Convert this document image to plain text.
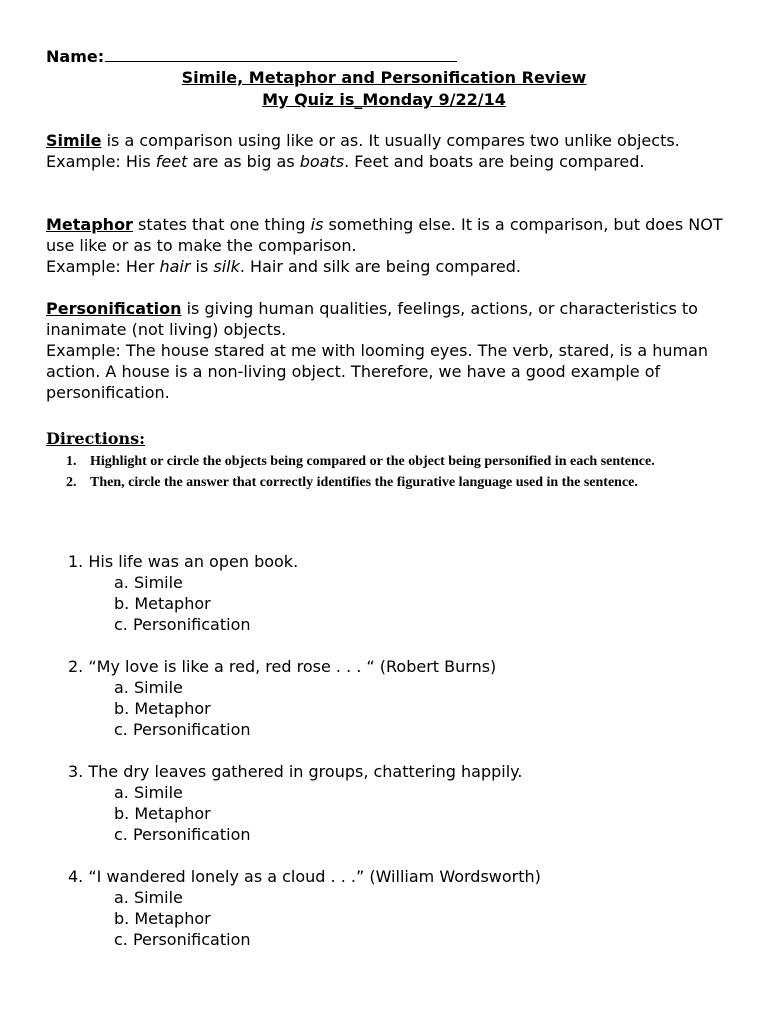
Name:
Simile, Metaphor and Personification Review
My Quiz is_Monday 9/22/14
Simile is a comparison using like or as. It usually compares two unlike objects.
Example: His feet are as big as boats. Feet and boats are being compared.
Metaphor states that one thing is something else. It is a comparison, but does NOT use like or as to make the comparison.
Example: Her hair is silk. Hair and silk are being compared.
Personification is giving human qualities, feelings, actions, or characteristics to inanimate (not living) objects.
Example: The house stared at me with looming eyes. The verb, stared, is a human action. A house is a non-living object. Therefore, we have a good example of personification.
Directions:
1. Highlight or circle the objects being compared or the object being personified in each sentence.
2. Then, circle the answer that correctly identifies the figurative language used in the sentence.
1. His life was an open book.
a. Simile
b. Metaphor
c. Personification
2. “My love is like a red, red rose . . . “ (Robert Burns)
a. Simile
b. Metaphor
c. Personification
3. The dry leaves gathered in groups, chattering happily.
a. Simile
b. Metaphor
c. Personification
4. “I wandered lonely as a cloud . . .” (William Wordsworth)
a. Simile
b. Metaphor
c. Personification
